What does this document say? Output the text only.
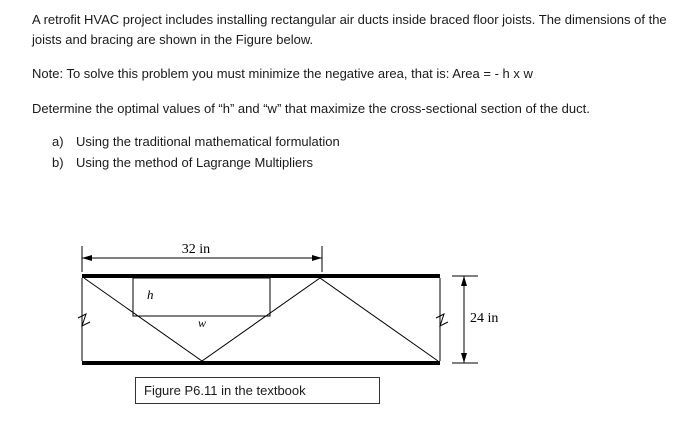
A retrofit HVAC project includes installing rectangular air ducts inside braced floor joists. The dimensions of the joists and bracing are shown in the Figure below.

Note: To solve this problem you must minimize the negative area, that is: Area = - h x w

Determine the optimal values of “h” and “w” that maximize the cross-sectional section of the duct.

a) Using the traditional mathematical formulation
b) Using the method of Lagrange Multipliers
32 in
h
w	24 in
Figure P6.11 in the textbook
